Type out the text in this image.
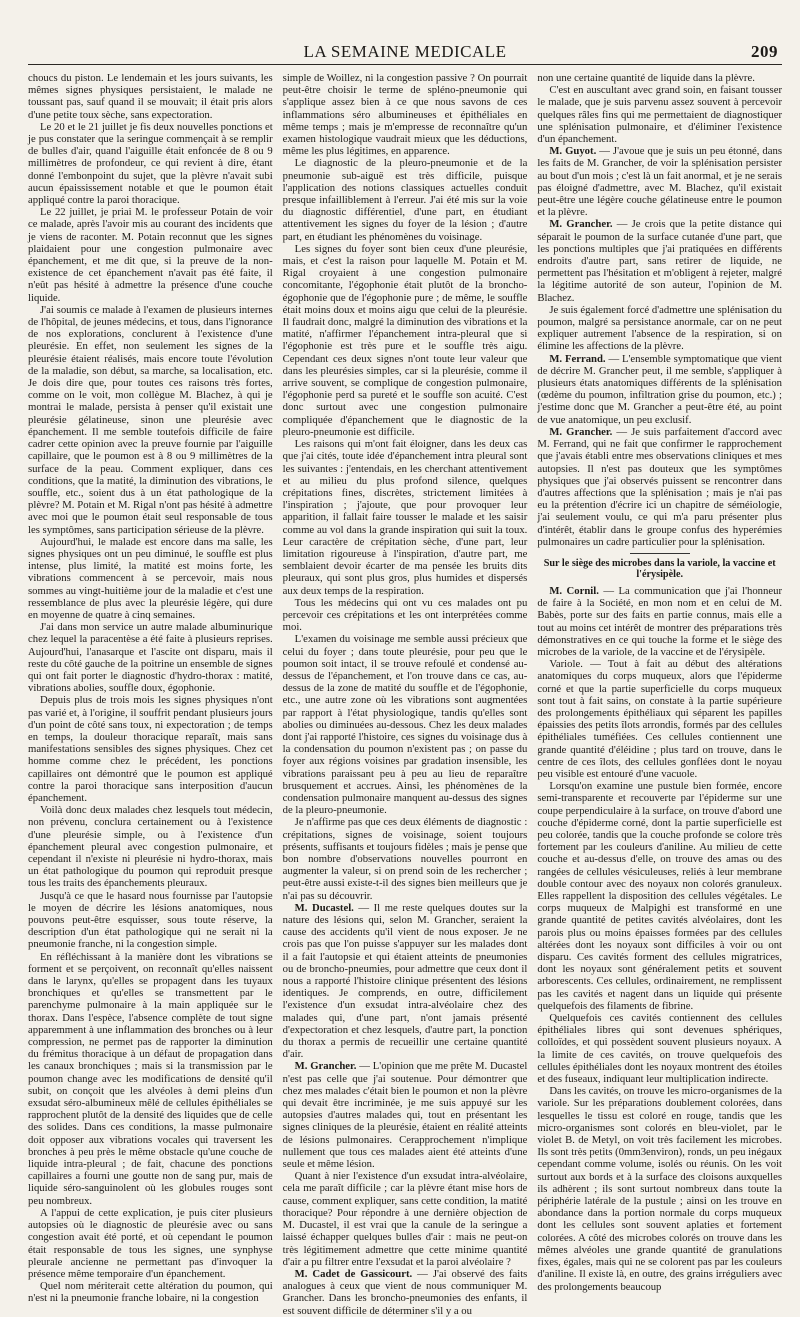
LA SEMAINE MEDICALE	209

choucs du piston. Le lendemain et les jours suivants, les mêmes signes physiques persistaient, le malade ne toussant pas, sauf quand il se mouvait; il était pris alors d'une petite toux sèche, sans expectoration.

Le 20 et le 21 juillet je fis deux nouvelles ponctions et je pus constater que la seringue commençait à se remplir de bulles d'air, quand l'aiguille était enfoncée de 8 ou 9 millimètres de profondeur, ce qui revient à dire, étant donné l'embonpoint du sujet, que la plèvre n'avait subi aucun épaississement notable et que le poumon était appliqué contre la paroi thoracique.

Le 22 juillet, je priai M. le professeur Potain de voir ce malade, après l'avoir mis au courant des incidents que je viens de raconter. M. Potain reconnut que les signes plaidaient pour une congestion pulmonaire avec épanchement, et me dit que, si la preuve de la non-existence de cet épanchement n'avait pas été faite, il n'eût pas hésité à admettre la présence d'une couche liquide.

J'ai soumis ce malade à l'examen de plusieurs internes de l'hôpital, de jeunes médecins, et tous, dans l'ignorance de nos explorations, conclurent à l'existence d'une pleurésie. En effet, non seulement les signes de la pleurésie étaient réalisés, mais encore toute l'évolution de la maladie, son début, sa marche, sa localisation, etc. Je dois dire que, pour toutes ces raisons très fortes, comme on le voit, mon collègue M. Blachez, à qui je montrai le malade, persista à penser qu'il existait une pleurésie gélatineuse, sinon une pleurésie avec épanchement. Il me semble toutefois difficile de faire cadrer cette opinion avec la preuve fournie par l'aiguille capillaire, que le poumon est à 8 ou 9 millimètres de la surface de la peau. Comment expliquer, dans ces conditions, que la matité, la diminution des vibrations, le souffle, etc., soient dus à un état pathologique de la plèvre? M. Potain et M. Rigal n'ont pas hésité à admettre avec moi que le poumon était seul responsable de tous les symptômes, sans participation sérieuse de la plèvre.

Aujourd'hui, le malade est encore dans ma salle, les signes physiques ont un peu diminué, le souffle est plus intense, plus limité, la matité est moins forte, les vibrations commencent à se percevoir, mais nous sommes au vingt-huitième jour de la maladie et c'est une ressemblance de plus avec la pleurésie légère, qui dure en moyenne de quatre à cinq semaines.

J'ai dans mon service un autre malade albuminurique chez lequel la paracentèse a été faite à plusieurs reprises. Aujourd'hui, l'anasarque et l'ascite ont disparu, mais il reste du côté gauche de la poitrine un ensemble de signes qui ont fait porter le diagnostic d'hydro-thorax : matité, vibrations abolies, souffle doux, égophonie.

Depuis plus de trois mois les signes physiques n'ont pas varié et, à l'origine, il souffrit pendant plusieurs jours d'un point de côté sans toux, ni expectoration ; de temps en temps, la douleur thoracique reparaît, mais sans manifestations sensibles des signes physiques. Chez cet homme comme chez le précédent, les ponctions capillaires ont démontré que le poumon est appliqué contre la paroi thoracique sans interposition d'aucun épanchement.

Voilà donc deux malades chez lesquels tout médecin, non prévenu, conclura certainement ou à l'existence d'une pleurésie simple, ou à l'existence d'un épanchement pleural avec congestion pulmonaire, et cependant il n'existe ni pleurésie ni hydro-thorax, mais un état pathologique du poumon qui reproduit presque tous les traits des épanchements pleuraux.

Jusqu'à ce que le hasard nous fournisse par l'autopsie le moyen de décrire les lésions anatomiques, nous pouvons peut-être esquisser, sous toute réserve, la description d'un état pathologique qui ne serait ni la pneumonie franche, ni la congestion simple.

En réfléchissant à la manière dont les vibrations se forment et se perçoivent, on reconnaît qu'elles naissent dans le larynx, qu'elles se propagent dans les tuyaux bronchiques et qu'elles se transmettent par le parenchyme pulmonaire à la main appliquée sur le thorax. Dans l'espèce, l'absence complète de tout signe apparemment à une inflammation des bronches ou à leur compression, ne permet pas de rapporter la diminution du frémitus thoracique à un défaut de propagation dans les canaux bronchiques ; mais si la transmission par le poumon change avec les modifications de densité qu'il subit, on conçoit que les alvéoles à demi pleins d'un exsudat séro-albumineux mêlé de cellules épithéliales se rapprochent plutôt de la densité des liquides que de celle des solides. Dans ces conditions, la masse pulmonaire doit opposer aux vibrations vocales qui traversent les bronches à peu près le même obstacle qu'une couche de liquide intra-pleural ; de fait, chacune des ponctions capillaires a fourni une goutte non de sang pur, mais de liquide séro-sanguinolent où les globules rouges sont peu nombreux.

A l'appui de cette explication, je puis citer plusieurs autopsies où le diagnostic de pleurésie avec ou sans congestion avait été porté, et où cependant le poumon était responsable de tous les signes, une synphyse pleurale ancienne ne permettant pas d'invoquer la présence même temporaire d'un épanchement.

Quel nom mériterait cette altération du poumon, qui n'est ni la pneumonie franche lobaire, ni la congestion

simple de Woillez, ni la congestion passive ? On pourrait peut-être choisir le terme de spléno-pneumonie qui s'applique assez bien à ce que nous savons de ces inflammations séro albumineuses et épithéliales en même temps ; mais je m'empresse de reconnaître qu'un examen histologique vaudrait mieux que les déductions, même les plus légitimes, en apparence.

Le diagnostic de la pleuro-pneumonie et de la pneumonie sub-aiguë est très difficile, puisque l'application des notions classiques actuelles conduit presque infailliblement à l'erreur. J'ai été mis sur la voie du diagnostic différentiel, d'une part, en étudiant attentivement les signes du foyer de la lésion ; d'autre part, en étudiant les phénomènes du voisinage.

Les signes du foyer sont bien ceux d'une pleurésie, mais, et c'est la raison pour laquelle M. Potain et M. Rigal croyaient à une congestion pulmonaire concomitante, l'égophonie était plutôt de la broncho-égophonie que de l'égophonie pure ; de même, le souffle était moins doux et moins aigu que celui de la pleurésie. Il faudrait donc, malgré la diminution des vibrations et la matité, n'affirmer l'épanchement intra-pleural que si l'égophonie est très pure et le souffle très aigu. Cependant ces deux signes n'ont toute leur valeur que dans les pleurésies simples, car si la pleurésie, comme il arrive souvent, se complique de congestion pulmonaire, l'égophonie perd sa pureté et le souffle son acuité. C'est donc surtout avec une congestion pulmonaire compliquée d'épanchement que le diagnostic de la pleuro-pneumonie est difficile.

Les raisons qui m'ont fait éloigner, dans les deux cas que j'ai cités, toute idée d'épanchement intra pleural sont les suivantes : j'entendais, en les cherchant attentivement et au milieu du plus profond silence, quelques crépitations fines, discrètes, strictement limitées à l'inspiration ; j'ajoute, que pour provoquer leur apparition, il fallait faire tousser le malade et les saisir comme au vol dans la grande inspiration qui suit la toux. Leur caractère de crépitation sèche, d'une part, leur limitation rigoureuse à l'inspiration, d'autre part, me semblaient devoir écarter de ma pensée les bruits dits pleuraux, qui sont plus gros, plus humides et dispersés aux deux temps de la respiration.

Tous les médecins qui ont vu ces malades ont pu percevoir ces crépitations et les ont interprétées comme moi.

L'examen du voisinage me semble aussi précieux que celui du foyer ; dans toute pleurésie, pour peu que le poumon soit intact, il se trouve refoulé et condensé au-dessus de l'épanchement, et l'on trouve dans ce cas, au-dessus de la zone de matité du souffle et de l'égophonie, etc., une autre zone où les vibrations sont augmentées par rapport à l'état physiologique, tandis qu'elles sont abolies ou diminuées au-dessous. Chez les deux malades dont j'ai rapporté l'histoire, ces signes du voisinage dus à la condensation du poumon n'existent pas ; on passe du foyer aux régions voisines par gradation insensible, les vibrations paraissant peu à peu au lieu de reparaître brusquement et accrues. Ainsi, les phénomènes de la condensation pulmonaire manquent au-dessus des signes de la pleuro-pneumonie.

Je n'affirme pas que ces deux éléments de diagnostic : crépitations, signes de voisinage, soient toujours présents, suffisants et toujours fidèles ; mais je pense que bon nombre d'observations nouvelles pourront en augmenter la valeur, si on prend soin de les rechercher ; peut-être aussi existe-t-il des signes bien meilleurs que je n'ai pas su découvrir.

M. Ducastel. — Il me reste quelques doutes sur la nature des lésions qui, selon M. Grancher, seraient la cause des accidents qu'il vient de nous exposer. Je ne crois pas que l'on puisse s'appuyer sur les malades dont il a fait l'autopsie et qui étaient atteints de pneumonies ou de broncho-pneumies, pour admettre que ceux dont il nous a rapporté l'histoire clinique présentent des lésions identiques. Je comprends, en outre, difficilement l'existence d'un exsudat intra-alvéolaire chez des malades qui, d'une part, n'ont jamais présenté d'expectoration et chez lesquels, d'autre part, la ponction du thorax a permis de recueillir une certaine quantité d'air.

M. Grancher. — L'opinion que me prête M. Ducastel n'est pas celle que j'ai soutenue. Pour démontrer que chez mes malades c'était bien le poumon et non la plèvre qui devait être incriminée, je me suis appuyé sur les autopsies d'autres malades qui, tout en présentant les signes cliniques de la pleurésie, étaient en réalité atteints de lésions pulmonaires. Cerapprochement n'implique nullement que tous ces malades aient été atteints d'une seule et même lésion.

Quant à nier l'existence d'un exsudat intra-alvéolaire, cela me paraît difficile ; car la plèvre étant mise hors de cause, comment expliquer, sans cette condition, la matité thoracique? Pour répondre à une dernière objection de M. Ducastel, il est vrai que la canule de la seringue a laissé échapper quelques bulles d'air : mais ne peut-on très légitimement admettre que cette minime quantité d'air a pu filtrer entre l'exsudat et la paroi alvéolaire ?

M. Cadet de Gassicourt. — J'ai observé des faits analogues à ceux que vient de nous communiquer M. Grancher. Dans les broncho-pneumonies des enfants, il est souvent difficile de déterminer s'il y a ou

non une certaine quantité de liquide dans la plèvre.

C'est en auscultant avec grand soin, en faisant tousser le malade, que je suis parvenu assez souvent à percevoir quelques râles fins qui me permettaient de diagnostiquer une splénisation pulmonaire, et d'éliminer l'existence d'un épanchement.

M. Guyot. — J'avoue que je suis un peu étonné, dans les faits de M. Grancher, de voir la splénisation persister au bout d'un mois ; c'est là un fait anormal, et je ne serais pas éloigné d'admettre, avec M. Blachez, qu'il existait peut-être une légère couche gélatineuse entre le poumon et la plèvre.

M. Grancher. — Je crois que la petite distance qui séparait le poumon de la surface cutanée d'une part, que les ponctions multiples que j'ai pratiquées en différents endroits d'autre part, sans retirer de liquide, ne permettent pas l'hésitation et m'obligent à rejeter, malgré la légitime autorité de son auteur, l'opinion de M. Blachez.

Je suis également forcé d'admettre une splénisation du poumon, malgré sa persistance anormale, car on ne peut expliquer autrement l'absence de la respiration, si on élimine les affections de la plèvre.

M. Ferrand. — L'ensemble symptomatique que vient de décrire M. Grancher peut, il me semble, s'appliquer à plusieurs états anatomiques différents de la splénisation (œdème du poumon, infiltration grise du poumon, etc.) ; j'estime donc que M. Grancher a peut-être été, au point de vue anatomique, un peu exclusif.

M. Grancher. — Je suis parfaitement d'accord avec M. Ferrand, qui ne fait que confirmer le rapprochement que j'avais établi entre mes observations cliniques et mes autopsies. Il n'est pas douteux que les symptômes physiques que j'ai observés puissent se rencontrer dans d'autres affections que la splénisation ; mais je n'ai pas eu la prétention d'écrire ici un chapitre de séméiologie, j'ai seulement voulu, ce qui m'a paru présenter plus d'intérêt, établir dans le groupe confus des hyperémies pulmonaires un cadre particulier pour la splénisation.

Sur le siège des microbes dans la variole, la vaccine et l'érysipèle.

M. Cornil. — La communication que j'ai l'honneur de faire à la Société, en mon nom et en celui de M. Babès, porte sur des faits en partie connus, mais elle a tout au moins cet intérêt de montrer des préparations très démonstratives en ce qui touche la forme et le siège des microbes de la variole, de la vaccine et de l'érysipèle.

Variole. — Tout à fait au début des altérations anatomiques du corps muqueux, alors que l'épiderme corné et que la partie superficielle du corps muqueux sont tout à fait sains, on constate à la partie supérieure des prolongements épithéliaux qui séparent les papilles épaissies des petits îlots arrondis, formés par des cellules épithéliales tuméfiées. Ces cellules contiennent une grande quantité d'éléidine ; plus tard on trouve, dans le centre de ces îlots, des cellules gonflées dont le noyau peu visible est entouré d'une vacuole.

Lorsqu'on examine une pustule bien formée, encore semi-transparente et recouverte par l'épiderme sur une coupe perpendiculaire à la surface, on trouve d'abord une couche d'épiderme corné, dont la partie superficielle est peu colorée, tandis que la couche profonde se colore très fortement par les couleurs d'aniline. Au milieu de cette couche et au-dessus d'elle, on trouve des amas ou des rangées de cellules vésiculeuses, reliés à leur membrane double contour avec des noyaux non colorés granuleux. Elles rappellent la disposition des cellules végétales. Le corps muqueux de Malpighi est transformé en une grande quantité de petites cavités alvéolaires, dont les parois plus ou moins épaisses formées par des cellules altérées dont les noyaux sont difficiles à voir ou ont disparu. Ces cavités forment des cellules migratrices, dont les noyaux sont généralement petits et souvent arborescents. Ces cellules, ordinairement, ne remplissent pas les cavités et nagent dans un liquide qui présente quelquefois des filaments de fibrine.

Quelquefois ces cavités contiennent des cellules épithéliales libres qui sont devenues sphériques, colloïdes, et qui possèdent souvent plusieurs noyaux. A la limite de ces cavités, on trouve quelquefois des cellules épithéliales dont les noyaux montrent des étoiles et des fuseaux, indiquant leur multiplication indirecte.

Dans les cavités, on trouve les micro-organismes de la variole. Sur les préparations doublement colorées, dans lesquelles le tissu est coloré en rouge, tandis que les micro-organismes sont colorés en bleu-violet, par le violet B. de Metyl, on voit très facilement les microbes. Ils sont très petits (0mm3environ), ronds, un peu inégaux cependant comme volume, isolés ou réunis. On les voit surtout aux bords et à la surface des cloisons auxquelles ils adhèrent ; ils sont surtout nombreux dans toute la périphérie latérale de la pustule ; ainsi on les trouve en abondance dans la portion normale du corps muqueux dont les cellules sont souvent aplaties et fortement colorées. A côté des microbes colorés on trouve dans les mêmes alvéoles une grande quantité de granulations fixes, égales, mais qui ne se colorent pas par les couleurs d'aniline. Il existe là, en outre, des grains irréguliers avec des prolongements beaucoup
